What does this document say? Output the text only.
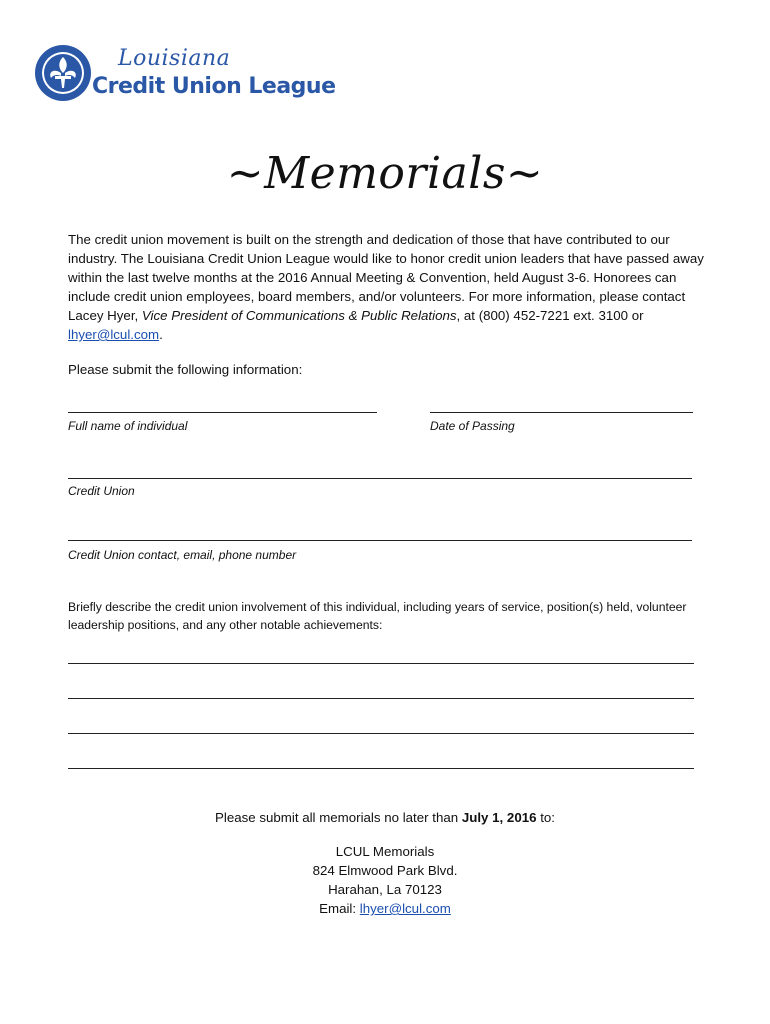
Louisiana
Credit Union League
~Memorials~
The credit union movement is built on the strength and dedication of those that have contributed to our industry. The Louisiana Credit Union League would like to honor credit union leaders that have passed away within the last twelve months at the 2016 Annual Meeting & Convention, held August 3-6. Honorees can include credit union employees, board members, and/or volunteers. For more information, please contact Lacey Hyer, Vice President of Communications & Public Relations, at (800) 452-7221 ext. 3100 or lhyer@lcul.com.
Please submit the following information:
Full name of individual	Date of Passing
Credit Union
Credit Union contact, email, phone number
Briefly describe the credit union involvement of this individual, including years of service, position(s) held, volunteer leadership positions, and any other notable achievements:
Please submit all memorials no later than July 1, 2016 to:
LCUL Memorials
824 Elmwood Park Blvd.
Harahan, La 70123
Email: lhyer@lcul.com
